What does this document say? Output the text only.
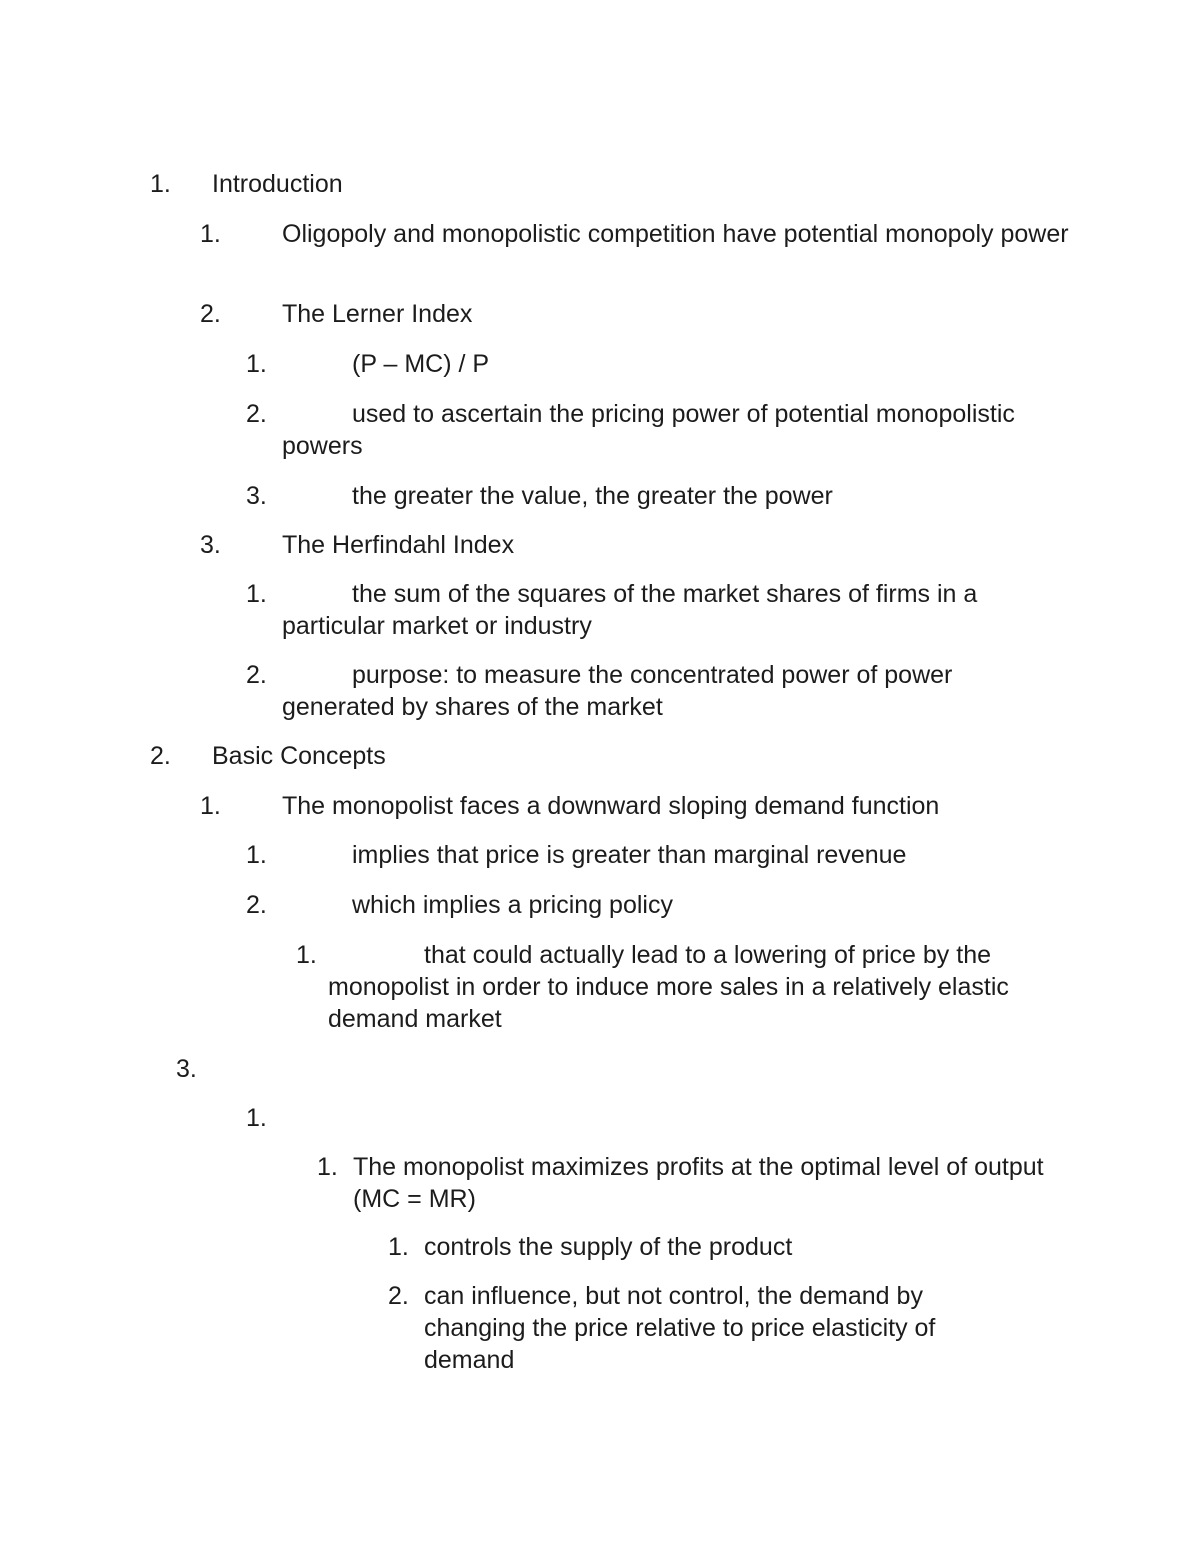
1. Introduction
1.	Oligopoly and monopolistic competition have potential monopoly power
2. The Lerner Index
1.	(P – MC) / P
2.	used to ascertain the pricing power of potential monopolistic powers
3.	the greater the value, the greater the power
3. The Herfindahl Index
1.	the sum of the squares of the market shares of firms in a particular market or industry
2.	purpose: to measure the concentrated power of power generated by shares of the market
2. Basic Concepts
1. The monopolist faces a downward sloping demand function
1.	implies that price is greater than marginal revenue
2.	which implies a pricing policy
1.	that could actually lead to a lowering of price by the monopolist in order to induce more sales in a relatively elastic demand market
3.
1.
1. The monopolist maximizes profits at the optimal level of output (MC = MR)
1. controls the supply of the product
2. can influence, but not control, the demand by changing the price relative to price elasticity of demand
